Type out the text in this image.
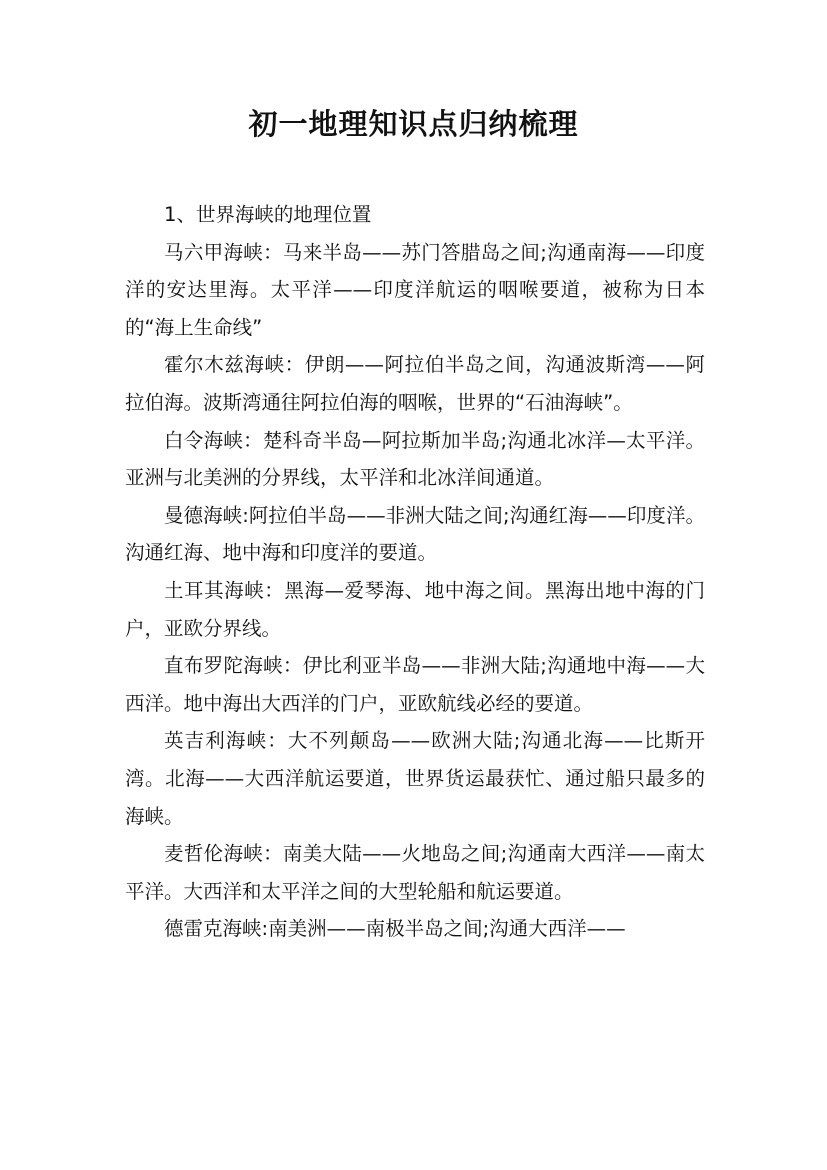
初一地理知识点归纳梳理

1、世界海峡的地理位置

马六甲海峡：马来半岛——苏门答腊岛之间;沟通南海——印度洋的安达里海。太平洋——印度洋航运的咽喉要道，被称为日本的“海上生命线”

霍尔木兹海峡：伊朗——阿拉伯半岛之间，沟通波斯湾——阿拉伯海。波斯湾通往阿拉伯海的咽喉，世界的“石油海峡”。

白令海峡：楚科奇半岛—阿拉斯加半岛;沟通北冰洋—太平洋。亚洲与北美洲的分界线，太平洋和北冰洋间通道。

曼德海峡:阿拉伯半岛——非洲大陆之间;沟通红海——印度洋。沟通红海、地中海和印度洋的要道。

土耳其海峡：黑海—爱琴海、地中海之间。黑海出地中海的门户，亚欧分界线。

直布罗陀海峡：伊比利亚半岛——非洲大陆;沟通地中海——大西洋。地中海出大西洋的门户，亚欧航线必经的要道。

英吉利海峡：大不列颠岛——欧洲大陆;沟通北海——比斯开湾。北海——大西洋航运要道，世界货运最获忙、通过船只最多的海峡。

麦哲伦海峡：南美大陆——火地岛之间;沟通南大西洋——南太平洋。大西洋和太平洋之间的大型轮船和航运要道。

德雷克海峡:南美洲——南极半岛之间;沟通大西洋——
